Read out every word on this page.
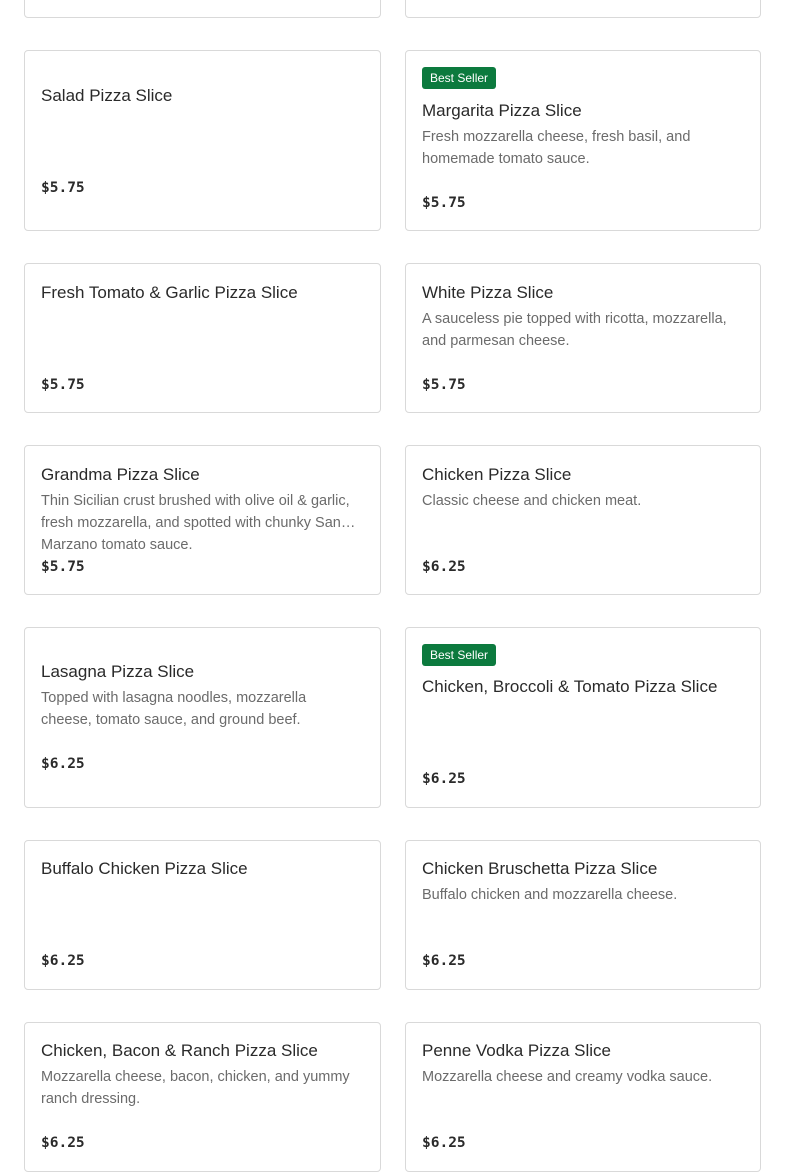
Salad Pizza Slice
$5.75
Best Seller
Margarita Pizza Slice
Fresh mozzarella cheese, fresh basil, and homemade tomato sauce.
$5.75
Fresh Tomato & Garlic Pizza Slice
$5.75
White Pizza Slice
A sauceless pie topped with ricotta, mozzarella, and parmesan cheese.
$5.75
Grandma Pizza Slice
Thin Sicilian crust brushed with olive oil & garlic, fresh mozzarella, and spotted with chunky San Marzano tomato sauce.
$5.75
Chicken Pizza Slice
Classic cheese and chicken meat.
$6.25
Lasagna Pizza Slice
Topped with lasagna noodles, mozzarella cheese, tomato sauce, and ground beef.
$6.25
Best Seller
Chicken, Broccoli & Tomato Pizza Slice
$6.25
Buffalo Chicken Pizza Slice
$6.25
Chicken Bruschetta Pizza Slice
Buffalo chicken and mozzarella cheese.
$6.25
Chicken, Bacon & Ranch Pizza Slice
Mozzarella cheese, bacon, chicken, and yummy ranch dressing.
$6.25
Penne Vodka Pizza Slice
Mozzarella cheese and creamy vodka sauce.
$6.25
